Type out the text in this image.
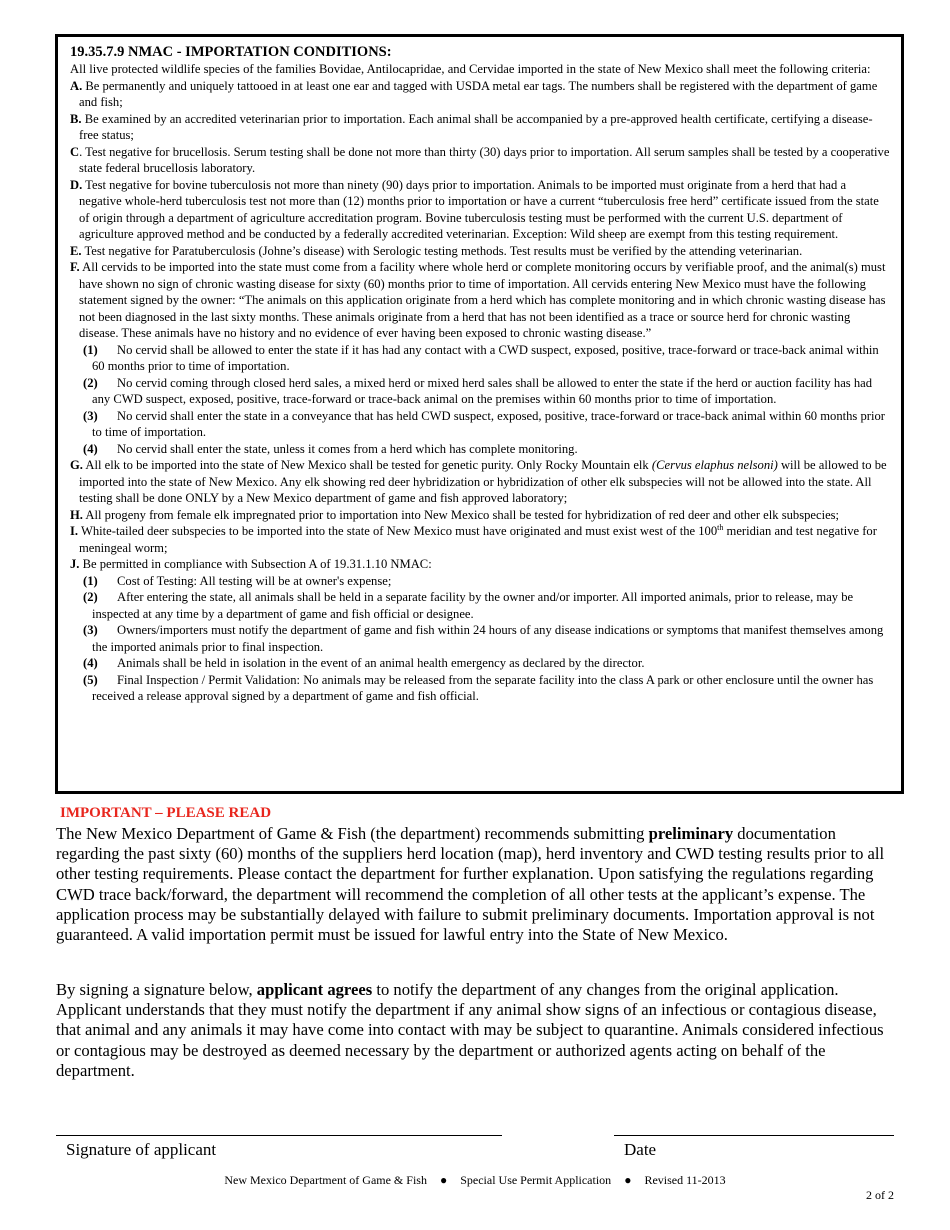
19.35.7.9 NMAC - IMPORTATION CONDITIONS:

All live protected wildlife species of the families Bovidae, Antilocapridae, and Cervidae imported in the state of New Mexico shall meet the following criteria:

A. Be permanently and uniquely tattooed in at least one ear and tagged with USDA metal ear tags. The numbers shall be registered with the department of game and fish;

B. Be examined by an accredited veterinarian prior to importation. Each animal shall be accompanied by a pre-approved health certificate, certifying a disease-free status;

C. Test negative for brucellosis. Serum testing shall be done not more than thirty (30) days prior to importation. All serum samples shall be tested by a cooperative state federal brucellosis laboratory.

D. Test negative for bovine tuberculosis not more than ninety (90) days prior to importation. Animals to be imported must originate from a herd that had a negative whole-herd tuberculosis test not more than (12) months prior to importation or have a current “tuberculosis free herd” certificate issued from the state of origin through a department of agriculture accreditation program. Bovine tuberculosis testing must be performed with the current U.S. department of agriculture approved method and be conducted by a federally accredited veterinarian. Exception: Wild sheep are exempt from this testing requirement.

E. Test negative for Paratuberculosis (Johne’s disease) with Serologic testing methods. Test results must be verified by the attending veterinarian.

F. All cervids to be imported into the state must come from a facility where whole herd or complete monitoring occurs by verifiable proof, and the animal(s) must have shown no sign of chronic wasting disease for sixty (60) months prior to time of importation. All cervids entering New Mexico must have the following statement signed by the owner: “The animals on this application originate from a herd which has complete monitoring and in which chronic wasting disease has not been diagnosed in the last sixty months. These animals originate from a herd that has not been identified as a trace or source herd for chronic wasting disease. These animals have no history and no evidence of ever having been exposed to chronic wasting disease.”

(1) No cervid shall be allowed to enter the state if it has had any contact with a CWD suspect, exposed, positive, trace-forward or trace-back animal within 60 months prior to time of importation.

(2) No cervid coming through closed herd sales, a mixed herd or mixed herd sales shall be allowed to enter the state if the herd or auction facility has had any CWD suspect, exposed, positive, trace-forward or trace-back animal on the premises within 60 months prior to time of importation.

(3) No cervid shall enter the state in a conveyance that has held CWD suspect, exposed, positive, trace-forward or trace-back animal within 60 months prior to time of importation.

(4) No cervid shall enter the state, unless it comes from a herd which has complete monitoring.

G. All elk to be imported into the state of New Mexico shall be tested for genetic purity. Only Rocky Mountain elk (Cervus elaphus nelsoni) will be allowed to be imported into the state of New Mexico. Any elk showing red deer hybridization or hybridization of other elk subspecies will not be allowed into the state. All testing shall be done ONLY by a New Mexico department of game and fish approved laboratory;

H. All progeny from female elk impregnated prior to importation into New Mexico shall be tested for hybridization of red deer and other elk subspecies;

I. White-tailed deer subspecies to be imported into the state of New Mexico must have originated and must exist west of the 100th meridian and test negative for meningeal worm;

J. Be permitted in compliance with Subsection A of 19.31.1.10 NMAC:

(1) Cost of Testing: All testing will be at owner's expense;

(2) After entering the state, all animals shall be held in a separate facility by the owner and/or importer. All imported animals, prior to release, may be inspected at any time by a department of game and fish official or designee.

(3) Owners/importers must notify the department of game and fish within 24 hours of any disease indications or symptoms that manifest themselves among the imported animals prior to final inspection.

(4) Animals shall be held in isolation in the event of an animal health emergency as declared by the director.

(5) Final Inspection / Permit Validation: No animals may be released from the separate facility into the class A park or other enclosure until the owner has received a release approval signed by a department of game and fish official.

IMPORTANT – PLEASE READ

The New Mexico Department of Game & Fish (the department) recommends submitting preliminary documentation regarding the past sixty (60) months of the suppliers herd location (map), herd inventory and CWD testing results prior to all other testing requirements. Please contact the department for further explanation. Upon satisfying the regulations regarding CWD trace back/forward, the department will recommend the completion of all other tests at the applicant’s expense. The application process may be substantially delayed with failure to submit preliminary documents. Importation approval is not guaranteed. A valid importation permit must be issued for lawful entry into the State of New Mexico.

By signing a signature below, applicant agrees to notify the department of any changes from the original application. Applicant understands that they must notify the department if any animal show signs of an infectious or contagious disease, that animal and any animals it may have come into contact with may be subject to quarantine. Animals considered infectious or contagious may be destroyed as deemed necessary by the department or authorized agents acting on behalf of the department.

Signature of applicant	Date
New Mexico Department of Game & Fish ● Special Use Permit Application ● Revised 11-2013
2 of 2
